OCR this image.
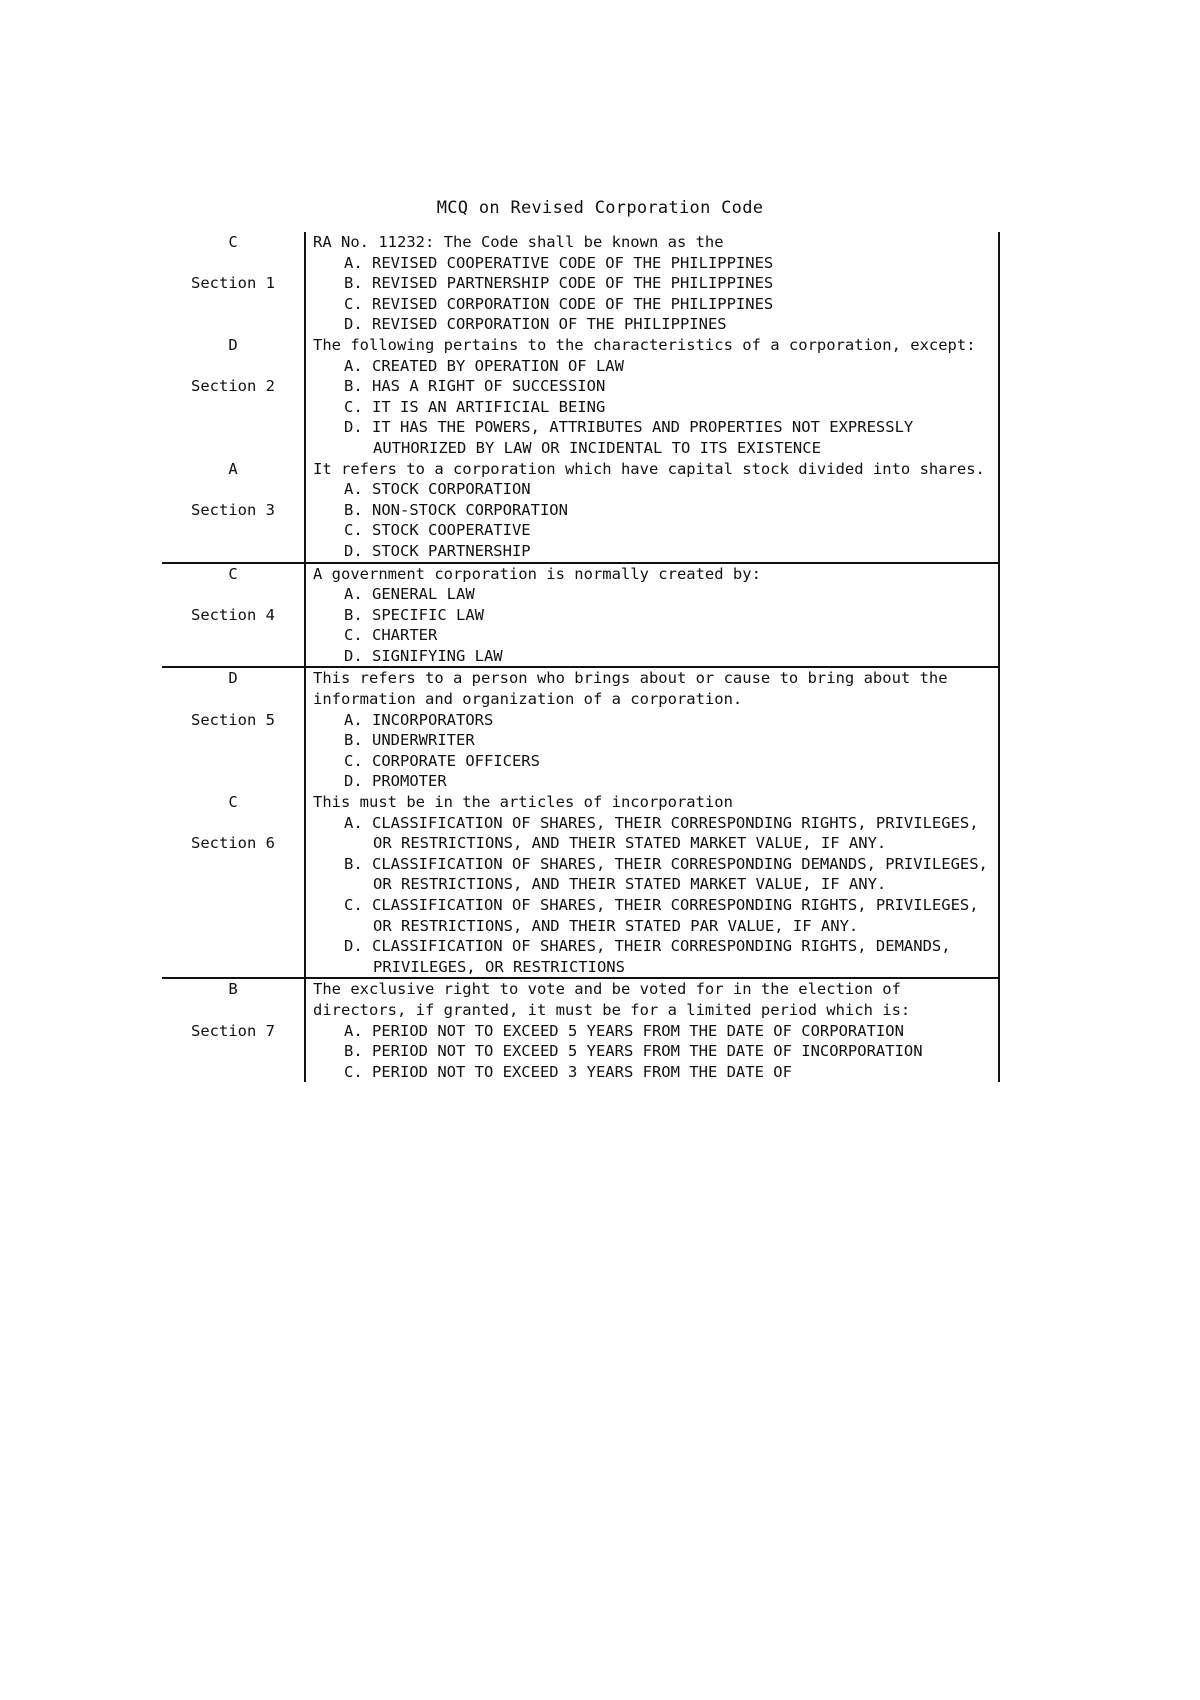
MCQ on Revised Corporation Code
C
Section 1	RA No. 11232: The Code shall be known as the
A. REVISED COOPERATIVE CODE OF THE PHILIPPINES
B. REVISED PARTNERSHIP CODE OF THE PHILIPPINES
C. REVISED CORPORATION CODE OF THE PHILIPPINES
D. REVISED CORPORATION OF THE PHILIPPINES

D
Section 2	The following pertains to the characteristics of a corporation, except:
A. CREATED BY OPERATION OF LAW
B. HAS A RIGHT OF SUCCESSION
C. IT IS AN ARTIFICIAL BEING
D. IT HAS THE POWERS, ATTRIBUTES AND PROPERTIES NOT EXPRESSLY AUTHORIZED BY LAW OR INCIDENTAL TO ITS EXISTENCE

A
Section 3	It refers to a corporation which have capital stock divided into shares.
A. STOCK CORPORATION
B. NON-STOCK CORPORATION
C. STOCK COOPERATIVE
D. STOCK PARTNERSHIP

C
Section 4	A government corporation is normally created by:
A. GENERAL LAW
B. SPECIFIC LAW
C. CHARTER
D. SIGNIFYING LAW

D
Section 5	This refers to a person who brings about or cause to bring about the information and organization of a corporation.
A. INCORPORATORS
B. UNDERWRITER
C. CORPORATE OFFICERS
D. PROMOTER

C
Section 6	This must be in the articles of incorporation
A. CLASSIFICATION OF SHARES, THEIR CORRESPONDING RIGHTS, PRIVILEGES, OR RESTRICTIONS, AND THEIR STATED MARKET VALUE, IF ANY.
B. CLASSIFICATION OF SHARES, THEIR CORRESPONDING DEMANDS, PRIVILEGES, OR RESTRICTIONS, AND THEIR STATED MARKET VALUE, IF ANY.
C. CLASSIFICATION OF SHARES, THEIR CORRESPONDING RIGHTS, PRIVILEGES, OR RESTRICTIONS, AND THEIR STATED PAR VALUE, IF ANY.
D. CLASSIFICATION OF SHARES, THEIR CORRESPONDING RIGHTS, DEMANDS, PRIVILEGES, OR RESTRICTIONS

B
Section 7	The exclusive right to vote and be voted for in the election of directors, if granted, it must be for a limited period which is:
A. PERIOD NOT TO EXCEED 5 YEARS FROM THE DATE OF CORPORATION
B. PERIOD NOT TO EXCEED 5 YEARS FROM THE DATE OF INCORPORATION
C. PERIOD NOT TO EXCEED 3 YEARS FROM THE DATE OF
